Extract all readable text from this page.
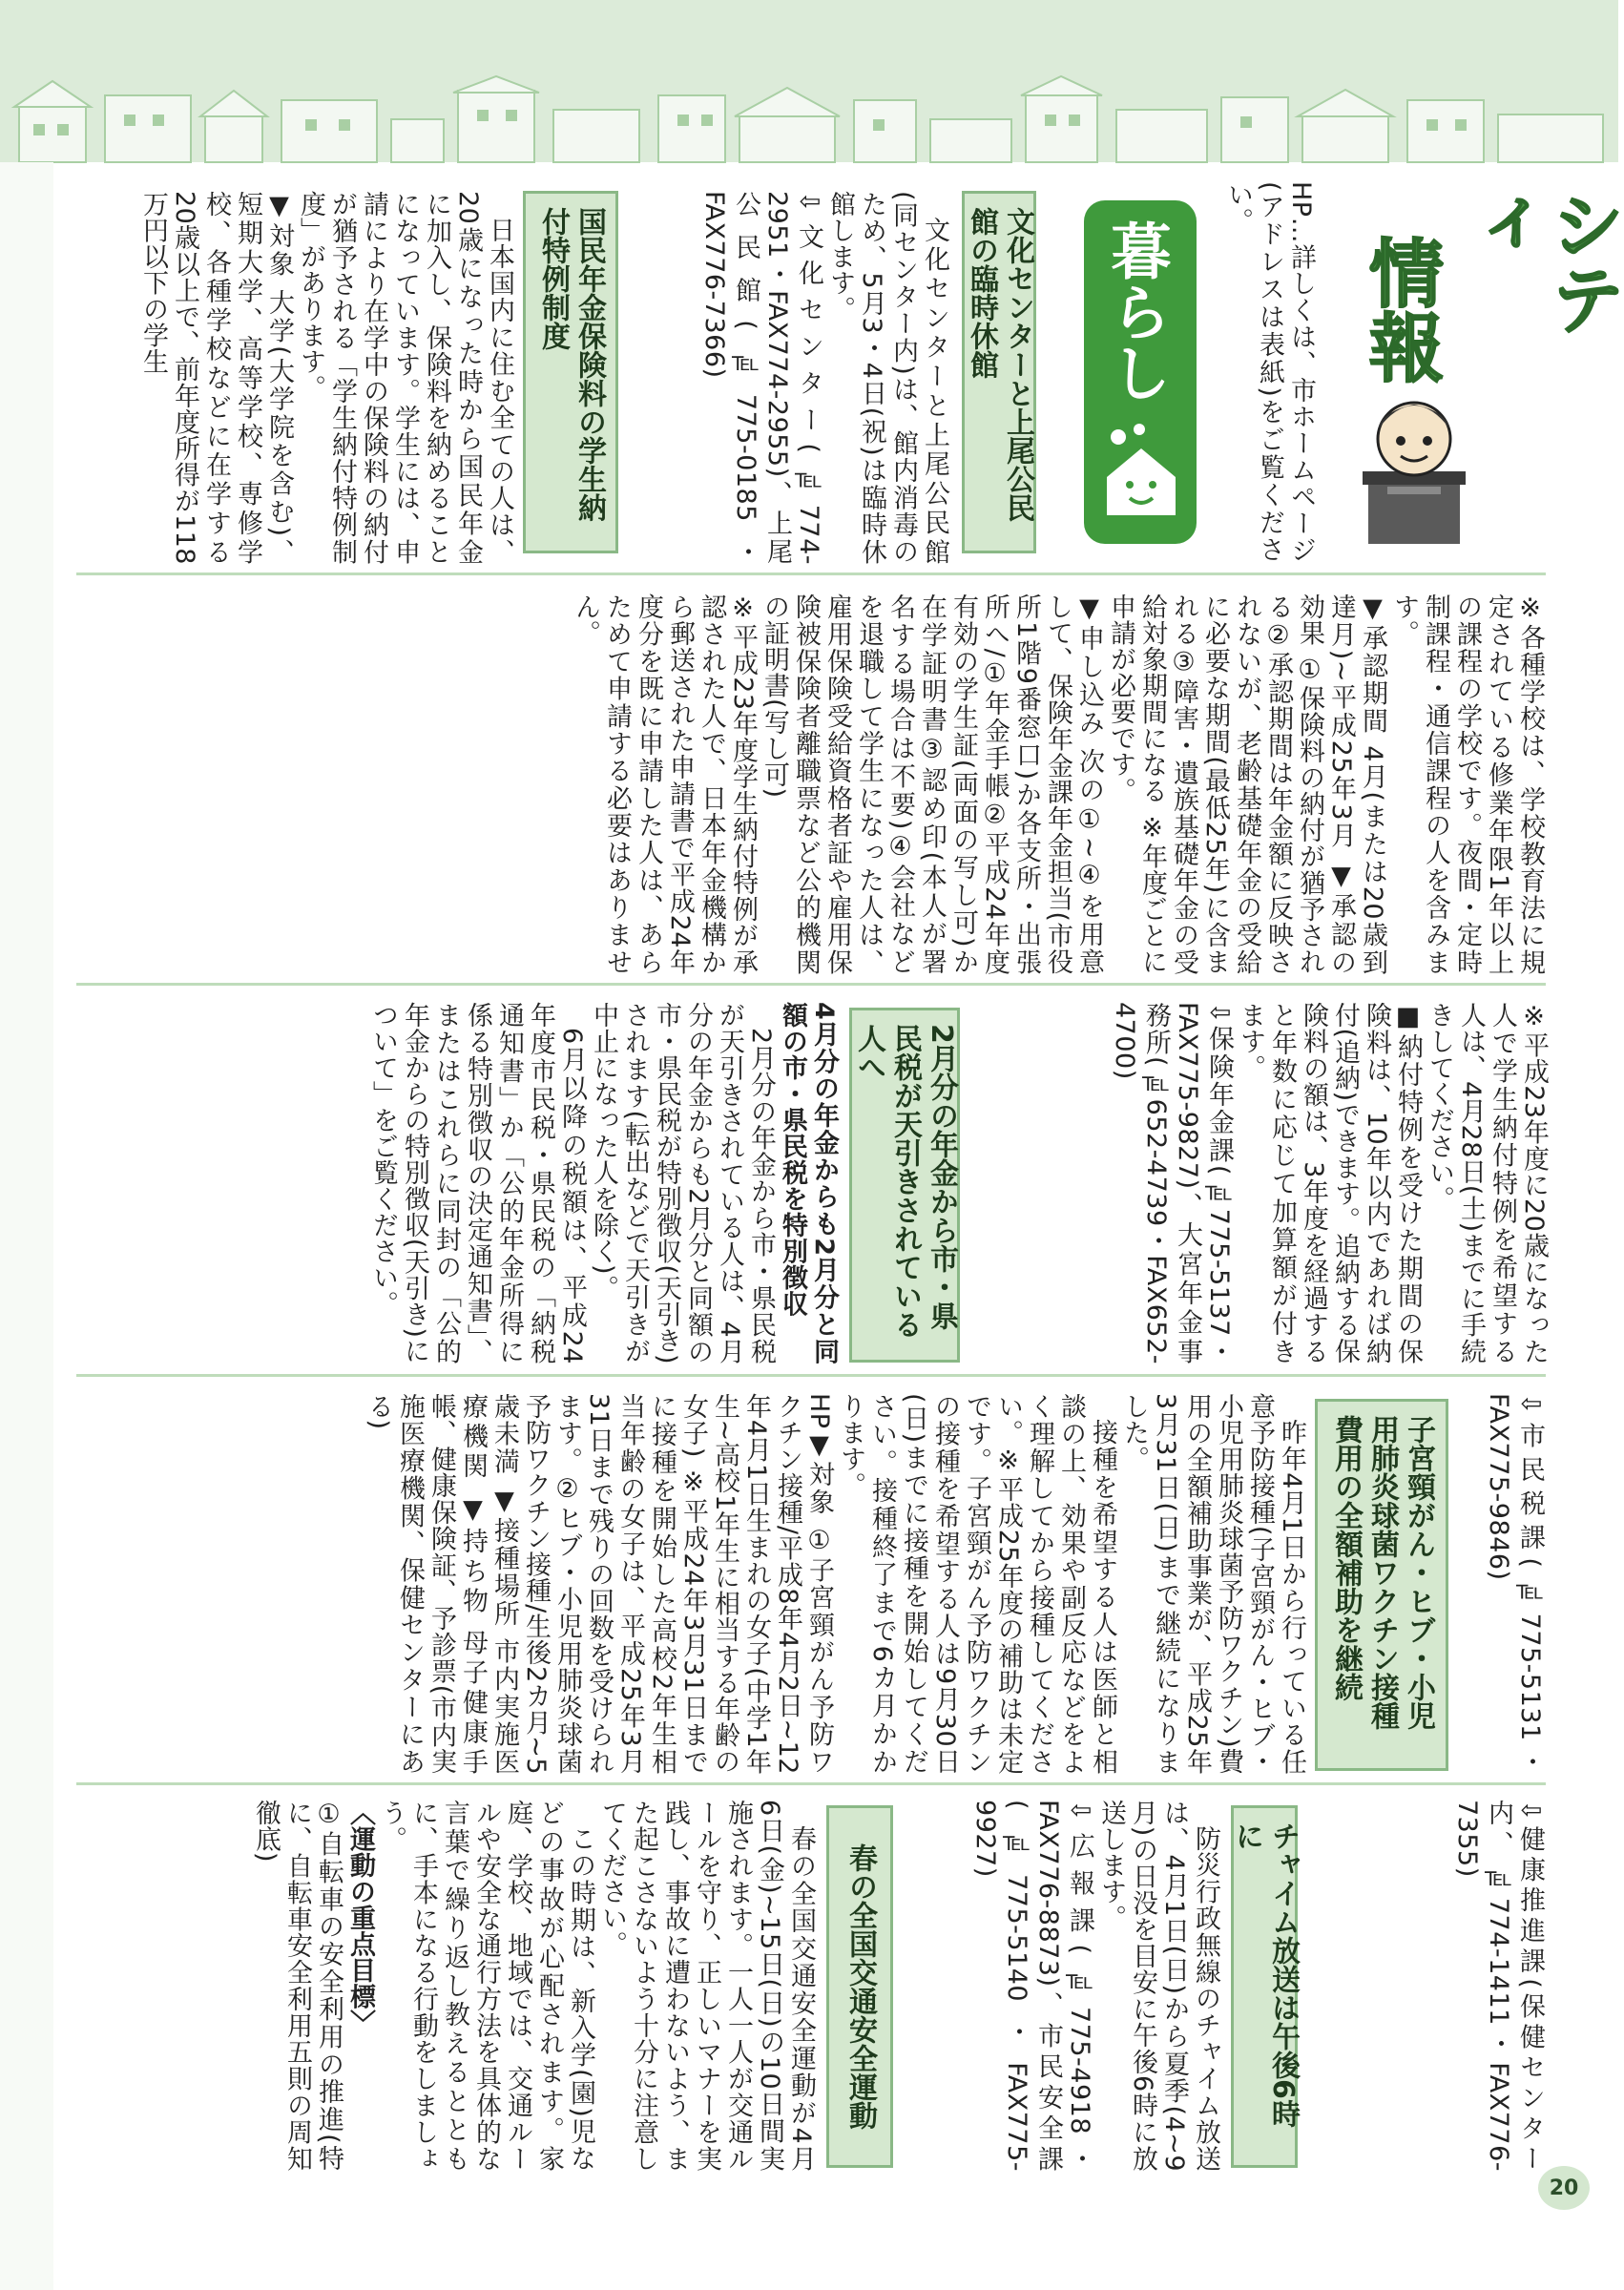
シティ
情報
暮らし	HP…詳しくは、市ホームページ(アドレスは表紙)をご覧ください。

文化センターと上尾公民館の臨時休館

文化センターと上尾公民館(同センター内)は、館内消毒のため、5月3・4日(祝)は臨時休館します。

⇩文化センター(℡774-2951・FAX774-2955)、上尾公民館(℡775-0185・FAX776-7366)

国民年金保険料の学生納付特例制度

日本国内に住む全ての人は、20歳になった時から国民年金に加入し、保険料を納めることになっています。学生には、申請により在学中の保険料の納付が猶予される「学生納付特例制度」があります。

▼対象 大学(大学院を含む)、短期大学、高等学校、専修学校、各種学校などに在学する20歳以上で、前年度所得が118万円以下の学生

※各種学校は、学校教育法に規定されている修業年限1年以上の課程の学校です。夜間・定時制課程・通信課程の人を含みます。

▼承認期間 4月(または20歳到達月)~平成25年3月 ▼承認の効果 ①保険料の納付が猶予される②承認期間は年金額に反映されないが、老齢基礎年金の受給に必要な期間(最低25年)に含まれる③障害・遺族基礎年金の受給対象期間になる ※年度ごとに申請が必要です。

▼申し込み 次の①~④を用意して、保険年金課年金担当(市役所1階9番窓口)か各支所・出張所へ/①年金手帳②平成24年度有効の学生証(両面の写し可)か在学証明書③認め印(本人が署名する場合は不要)④会社などを退職して学生になった人は、雇用保険受給資格者証や雇用保険被保険者離職票など公的機関の証明書(写し可)

※平成23年度学生納付特例が承認された人で、日本年金機構から郵送された申請書で平成24年度分を既に申請した人は、あらためて申請する必要はありません。

※平成23年度に20歳になった人で学生納付特例を希望する人は、4月28日(土)までに手続きしてください。

■納付特例を受けた期間の保険料は、10年以内であれば納付(追納)できます。追納する保険料の額は、3年度を経過すると年数に応じて加算額が付きます。

⇩保険年金課(℡775-5137・FAX775-9827)、大宮年金事務所(℡652-4739・FAX652-4700)

2月分の年金から市・県民税が天引きされている人へ

4月分の年金からも2月分と同額の市・県民税を特別徴収

2月分の年金から市・県民税が天引きされている人は、4月分の年金からも2月分と同額の市・県民税が特別徴収(天引き)されます(転出などで天引きが中止になった人を除く)。

6月以降の税額は、平成24年度市民税・県民税の「納税通知書」か「公的年金所得に係る特別徴収の決定通知書」、またはこれらに同封の「公的年金からの特別徴収(天引き)について」をご覧ください。

⇩市民税課(℡775-5131・FAX775-9846)

子宮頸がん・ヒブ・小児用肺炎球菌ワクチン接種費用の全額補助を継続

昨年4月1日から行っている任意予防接種(子宮頸がん・ヒブ・小児用肺炎球菌予防ワクチン)費用の全額補助事業が、平成25年3月31日(日)まで継続になりました。

接種を希望する人は医師と相談の上、効果や副反応などをよく理解してから接種してください。※平成25年度の補助は未定です。子宮頸がん予防ワクチンの接種を希望する人は9月30日(日)までに接種を開始してください。接種終了まで6カ月かかります。

HP▼対象 ①子宮頸がん予防ワクチン接種/平成8年4月2日~12年4月1日生まれの女子(中学1年生~高校1年生に相当する年齢の女子) ※平成24年3月31日までに接種を開始した高校2年生相当年齢の女子は、平成25年3月31日まで残りの回数を受けられます。②ヒブ・小児用肺炎球菌予防ワクチン接種/生後2カ月~5歳未満 ▼接種場所 市内実施医療機関 ▼持ち物 母子健康手帳、健康保険証、予診票(市内実施医療機関、保健センターにある)

⇩健康推進課(保健センター内、℡774-1411・FAX776-7355)

チャイム放送は午後6時に

防災行政無線のチャイム放送は、4月1日(日)から夏季(4~9月)の日没を目安に午後6時に放送します。

⇩広報課(℡775-4918・FAX776-8873)、市民安全課(℡775-5140・FAX775-9927)

春の全国交通安全運動

春の全国交通安全運動が4月6日(金)~15日(日)の10日間実施されます。一人一人が交通ルールを守り、正しいマナーを実践し、事故に遭わないよう、また起こさないよう十分に注意してください。

この時期は、新入学(園)児などの事故が心配されます。家庭、学校、地域では、交通ルールや安全な通行方法を具体的な言葉で繰り返し教えるとともに、手本になる行動をしましょう。

〈運動の重点目標〉

①自転車の安全利用の推進(特に、自転車安全利用五則の周知徹底)

20
